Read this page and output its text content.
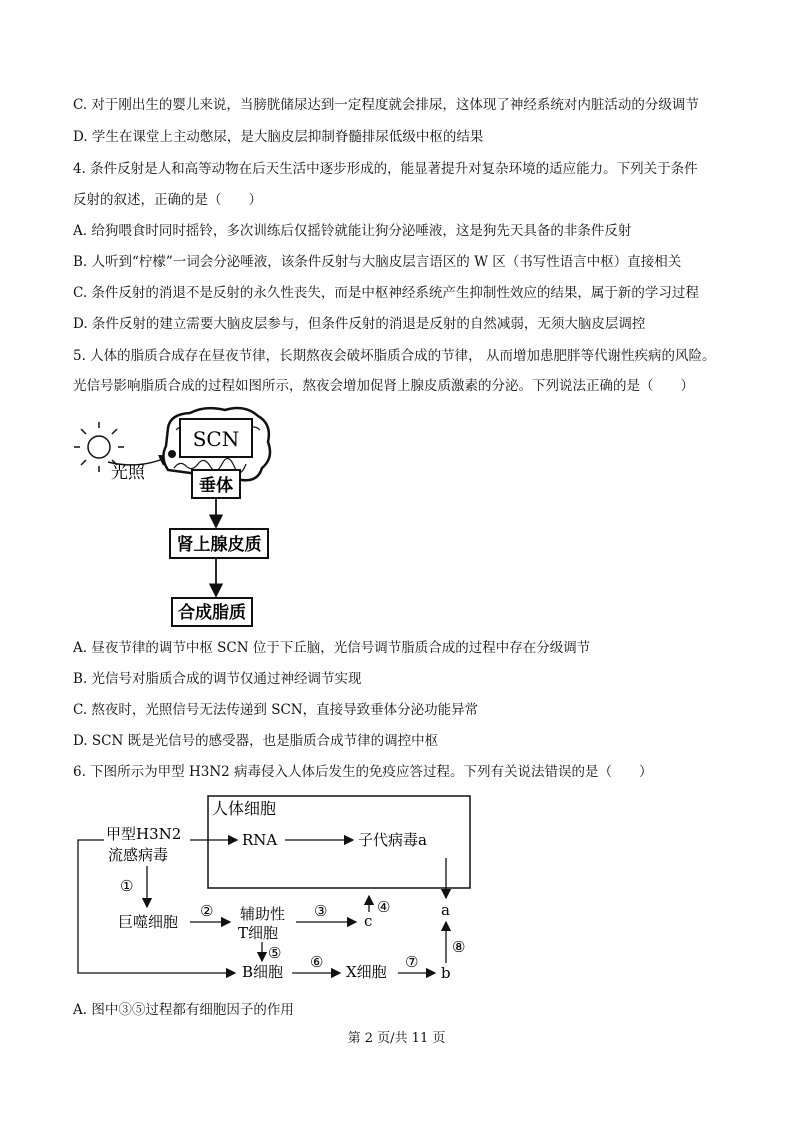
C. 对于刚出生的婴儿来说，当膀胱储尿达到一定程度就会排尿，这体现了神经系统对内脏活动的分级调节
D. 学生在课堂上主动憋尿，是大脑皮层抑制脊髓排尿低级中枢的结果
4. 条件反射是人和高等动物在后天生活中逐步形成的，能显著提升对复杂环境的适应能力。下列关于条件
反射的叙述，正确的是（　　）
A. 给狗喂食时同时摇铃，多次训练后仅摇铃就能让狗分泌唾液，这是狗先天具备的非条件反射
B. 人听到“柠檬”一词会分泌唾液，该条件反射与大脑皮层言语区的 W 区（书写性语言中枢）直接相关
C. 条件反射的消退不是反射的永久性丧失，而是中枢神经系统产生抑制性效应的结果，属于新的学习过程
D. 条件反射的建立需要大脑皮层参与，但条件反射的消退是反射的自然减弱，无须大脑皮层调控
5. 人体的脂质合成存在昼夜节律，长期熬夜会破坏脂质合成的节律， 从而增加患肥胖等代谢性疾病的风险。
光信号影响脂质合成的过程如图所示，熬夜会增加促肾上腺皮质激素的分泌。下列说法正确的是（　　）
光照
SCN
垂体
肾上腺皮质
合成脂质
A. 昼夜节律的调节中枢 SCN 位于下丘脑，光信号调节脂质合成的过程中存在分级调节
B. 光信号对脂质合成的调节仅通过神经调节实现
C. 熬夜时，光照信号无法传递到 SCN，直接导致垂体分泌功能异常
D. SCN 既是光信号的感受器，也是脂质合成节律的调控中枢
6. 下图所示为甲型 H3N2 病毒侵入人体后发生的免疫应答过程。下列有关说法错误的是（　　）
人体细胞
甲型H3N2
流感病毒
RNA	子代病毒a
a
①
巨噬细胞
② 辅助性
T细胞
③
c
④
⑤
B细胞
⑥
X细胞
⑦
b
⑧
A. 图中③⑤过程都有细胞因子的作用
第 2 页/共 11 页
